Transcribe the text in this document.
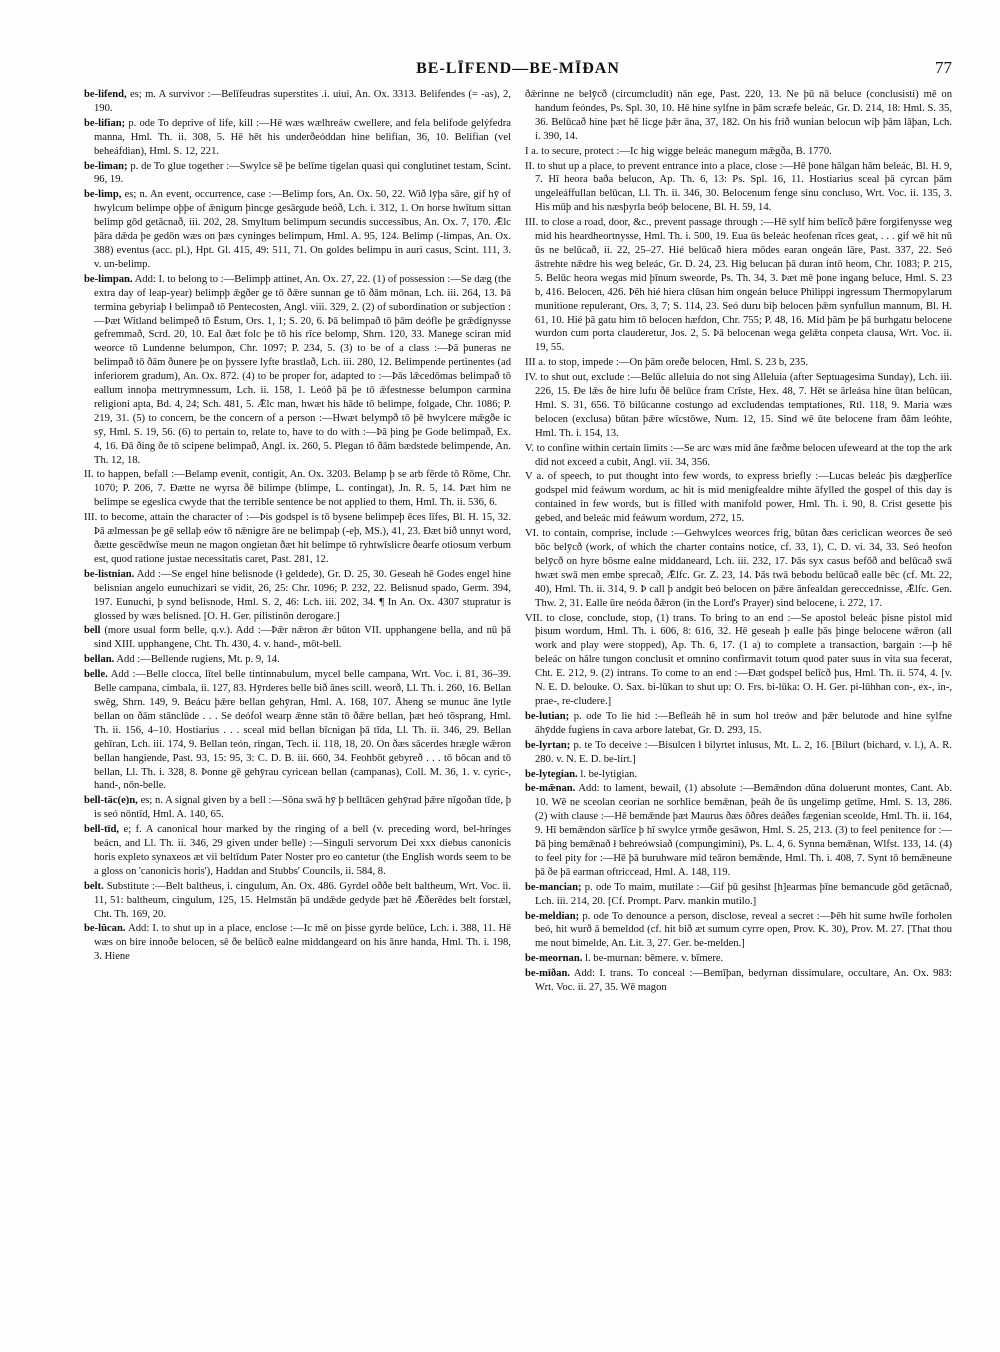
BE-LĪFEND—BE-MĪÐAN	77

be-lifend, es; m. A survivor :—Belīfeudras superstites .i. uiui, An. Ox. 3313. Belifendes (= -as), 2, 190.

be-lifian; p. ode To deprive of life, kill :—Hē wæs wælhreáw cwellere, and fela belifode gelýfedra manna, Hml. Th. ii. 308, 5. Hē hēt his underðeóddan hine belifian, 36, 10. Belifian (vel beheáfdian), Hml. S. 12, 221.

be-liman; p. de To glue together :—Swylce sē þe belīme tigelan quasi qui conglutinet testam, Scint. 96, 19.

be-limp, es; n. An event, occurrence, case :—Belimp fors, An. Ox. 50, 22. Wið lȳþa sāre, gif hȳ of hwylcum belimpe oþþe of ǣnigum þincge gesārgude beóð, Lch. i. 312, 1. On horse hwītum sittan belimp gōd getācnað, iii. 202, 28. Smyltum belimpum secundis successibus, An. Ox. 7, 170. Ǣlc þāra dǣda þe gedōn wæs on þæs cyninges belimpum, Hml. A. 95, 124. Belimp (-limpas, An. Ox. 388) eventus (acc. pl.), Hpt. Gl. 415, 49: 511, 71. On goldes belimpu in auri casus, Scint. 111, 3. v. un-belimp.

be-limpan. Add: I. to belong to :—Belimpþ attinet, An. Ox. 27, 22. (1) of possession :—Se dæg (the extra day of leap-year) belimpþ ǣgðer ge tō ðǣre sunnan ge tō ðām mōnan, Lch. iii. 264, 13. Þā termina gebyriaþ ł belimpað tō Pentecosten, Angl. viii. 329, 2. (2) of subordination or subjection :—Þæt Witland belimpeð tō Ēstum, Ors. 1, 1; S. 20, 6. Þā belimpað tō þām deófle þe grǣdignysse gefremmað, Scrd. 20, 10. Eal ðæt folc þe tō his rīce belomp, Shrn. 120, 33. Manege sciran mid weorce tō Lundenne belumpon, Chr. 1097; P. 234, 5. (3) to be of a class :—Þā þuneras ne belimpað tō ðām ðunere þe on þyssere lyfte brastlað, Lch. iii. 280, 12. Belimpende pertinentes (ad inferiorem gradum), An. Ox. 872. (4) to be proper for, adapted to :—Þās lǣcedōmas belimpað tō eallum innoþa mettrymnessum, Lch. ii. 158, 1. Leóð þā þe tō ǣfestnesse belumpon carmina religioni apta, Bd. 4, 24; Sch. 481, 5. Ǣlc man, hwæt his hāde tō belimpe, folgade, Chr. 1086; P. 219, 31. (5) to concern, be the concern of a person :—Hwæt belympð tō þē hwylcere mǣgðe ic sȳ, Hml. S. 19, 56. (6) to pertain to, relate to, have to do with :—Þā þing þe Gode belimpað, Ex. 4, 16. Ðā ðing ðe tō scipene belimpað, Angl. ix. 260, 5. Plegan tō ðām bædstede belimpende, An. Th. 12, 18.

II. to happen, befall :—Belamp evenit, contigit, An. Ox. 3203. Belamp þ se arb fērde tō Rōme, Chr. 1070; P. 206, 7. Ðætte ne wyrsa ðē bilimpe (blimpe, L. contingat), Jn. R. 5, 14. Þæt him ne belimpe se egeslica cwyde that the terrible sentence be not applied to them, Hml. Th. ii. 536, 6.

III. to become, attain the character of :—Þis godspel is tō bysene belimpeþ ēces līfes, Bl. H. 15, 32. Þā ælmessan þe gē sellaþ eów tō nǣnigre āre ne belimpaþ (-eþ, MS.), 41, 23. Ðæt bið unnyt word, ðætte gescēdwīse meun ne magon ongietan ðæt hit belimpe tō ryhtwīslicre ðearfe otiosum verbum est, quod ratione justae necessitatis caret, Past. 281, 12.

be-listnian. Add :—Se engel hine belisnode (ł geldede), Gr. D. 25, 30. Geseah hē Godes engel hine belisnian angelo eunuchizari se vidit, 26, 25: Chr. 1096; P. 232, 22. Belisnud spado, Germ. 394, 197. Eunuchi, þ synd belisnode, Hml. S. 2, 46: Lch. iii. 202, 34. ¶ In An. Ox. 4307 stupratur is glossed by wæs belisned. [O. H. Ger. pilistinōn derogare.]

bell (more usual form belle, q.v.). Add :—Þǣr nǣron ǣr būton VII. upphangene bella, and nū þā sind XIII. upphangene, Cht. Th. 430, 4. v. hand-, mōt-bell.

bellan. Add :—Bellende rugiens, Mt. p. 9, 14.

belle. Add :—Belle clocca, lītel belle tintinnabulum, mycel belle campana, Wrt. Voc. i. 81, 36–39. Belle campana, cimbala, ii. 127, 83. Hȳrderes belle bið ānes scill. weorð, Ll. Th. i. 260, 16. Bellan swēg, Shrn. 149, 9. Beácu þǣre bellan gehȳran, Hml. A. 168, 107. Āheng se munuc āne lytle bellan on ðām stānclūde . . . Se deófol wearp ǣnne stān tō ðǣre bellan, þæt heó tōsprang, Hml. Th. ii. 156, 4–10. Hostiarius . . . sceal mid bellan bīcnigan þā tīda, Ll. Th. ii. 346, 29. Bellan gehīran, Lch. iii. 174, 9. Bellan teón, ringan, Tech. ii. 118, 18, 20. On ðæs sācerdes hrægle wǣron bellan hangiende, Past. 93, 15: 95, 3: C. D. B. iii. 660, 34. Feohbōt gebyreð . . . tō bōcan and tō bellan, Ll. Th. i. 328, 8. Þonne gē gehȳrau cyricean bellan (campanas), Coll. M. 36, 1. v. cyric-, hand-, nōn-belle.

bell-tāc(e)n, es; n. A signal given by a bell :—Sōna swā hȳ þ belltācen gehȳrad þǣre nīgoðan tīde, þ is seó nōntīd, Hml. A. 140, 65.

bell-tīd, e; f. A canonical hour marked by the ringing of a bell (v. preceding word, bel-hringes beácn, and Ll. Th. ii. 346, 29 given under belle) :—Singuli servorum Dei xxx diebus canonicis horis expleto synaxeos æt vii beltīdum Pater Noster pro eo cantetur (the English words seem to be a gloss on 'canonicis horis'), Haddan and Stubbs' Councils, ii. 584, 8.

belt. Substitute :—Belt baltheus, i. cingulum, An. Ox. 486. Gyrdel oððe belt baltheum, Wrt. Voc. ii. 11, 51: baltheum, cingulum, 125, 15. Helmstān þā undǣde gedyde þæt hē Ǣðerēdes belt forstæl, Cht. Th. 169, 20.

be-lūcan. Add: I. to shut up in a place, enclose :—Ic mē on þisse gyrde belūce, Lch. i. 388, 11. Hē wæs on bire innoðe belocen, sē ðe belūcð ealne middangeard on his ānre handa, Hml. Th. i. 198, 3. Hiene

ðǣrinne ne belȳcð (circumcludit) nān ege, Past. 220, 13. Ne þū nā beluce (conclusisti) mē on handum feóndes, Ps. Spl. 30, 10. Hē hine sylfne in þām scræfe beleác, Gr. D. 214, 18: Hml. S. 35, 36. Belūcað hine þæt hē licge þǣr āna, 37, 182. On his frið wunian belocun wiþ þām lāþan, Lch. i. 390, 14.

I a. to secure, protect :—Ic hig wigge beleác manegum mǣgða, B. 1770.

II. to shut up a place, to prevent entrance into a place, close :—Hē þone hālgan hām beleác, Bl. H. 9, 7. Hī heora baða belucon, Ap. Th. 6, 13: Ps. Spl. 16, 11. Hostiarius sceal þā cyrcan þām ungeleáffullan belūcan, Ll. Th. ii. 346, 30. Belocenum fenge sinu concluso, Wrt. Voc. ii. 135, 3. His mūþ and his næsþyrla beóþ belocene, Bl. H. 59, 14.

III. to close a road, door, &c., prevent passage through :—Hē sylf him belīcð þǣre forgifenysse weg mid his heardheortnysse, Hml. Th. i. 500, 19. Eua ūs beleác heofenan rīces geat, . . . gif wē hit nū ūs ne belūcað, ii. 22, 25–27. Hié belūcað hiera mōdes earan ongeán lāre, Past. 337, 22. Seó āstrehte nǣdre his weg beleác, Gr. D. 24, 23. Hig belucan þā duran intō heom, Chr. 1083; P. 215, 5. Belūc heora wegas mid þīnum sweorde, Ps. Th. 34, 3. Þæt mē þone ingang beluce, Hml. S. 23 b, 416. Belocen, 426. Þēh hié hiera clūsan him ongeán beluce Philippi ingressum Thermopylarum munitione repulerant, Ors. 3, 7; S. 114, 23. Seó duru biþ belocen þǣm synfullun mannum, Bl. H. 61, 10. Hié þā gatu him tō belocen hæfdon, Chr. 755; P. 48, 16. Mid þām þe þā burhgatu belocene wurdon cum porta clauderetur, Jos. 2, 5. Þā belocenan wega gelǣta conpeta clausa, Wrt. Voc. ii. 19, 55.

III a. to stop, impede :—On þām oreðe belocen, Hml. S. 23 b, 235.

IV. to shut out, exclude :—Belūc alleluia do not sing Alleluia (after Septuagesima Sunday), Lch. iii. 226, 15. Ðe lǣs ðe hire lufu ðē belūce fram Crīste, Hex. 48, 7. Hēt se ārleása hine ūtan belūcan, Hml. S. 31, 656. Tō bilūcanne costungo ad excludendas temptationes, Rtl. 118, 9. Maria wæs belocen (exclusa) būtan þǣre wīcstōwe, Num. 12, 15. Sind wē ūte belocene fram ðām leóhte, Hml. Th. i. 154, 13.

V. to confine within certain limits :—Se arc wæs mid āne fæðme belocen ufeweard at the top the ark did not exceed a cubit, Angl. vii. 34, 356.

V a. of speech, to put thought into few words, to express briefly :—Lucas beleác þis dægþerlīce godspel mid feáwum wordum, ac hit is mid menigfealdre mihte āfylled the gospel of this day is contained in few words, but is filled with manifold power, Hml. Th. i. 90, 8. Crist gesette þis gebed, and beleác mid feáwum wordum, 272, 15.

VI. to contain, comprise, include :—Gehwylces weorces frig, būtan ðæs cericlican weorces ðe seó bōc belȳcð (work, of which the charter contains notice, cf. 33, 1), C. D. vi. 34, 33. Seó heofon belȳcð on hyre bōsme ealne middaneard, Lch. iii. 232, 17. Þās syx casus befōð and belūcað swā hwæt swā men embe sprecað, Ǣlfc. Gr. Z. 23, 14. Þās twā bebodu belūcað ealle bēc (cf. Mt. 22, 40), Hml. Th. ii. 314, 9. Þ call þ andgit beó belocen on þǣre ānfealdan gereccednisse, Ǣlfc. Gen. Thw. 2, 31. Ealle ūre neóda ðǣron (in the Lord's Prayer) sind belocene, i. 272, 17.

VII. to close, conclude, stop, (1) trans. To bring to an end :—Se apostol beleác þisne pistol mid þisum wordum, Hml. Th. i. 606, 8: 616, 32. Hē geseah þ ealle þās þinge belocene wǣron (all work and play were stopped), Ap. Th. 6, 17. (1 a) to complete a transaction, bargain :—þ hē beleác on hālre tungon conclusit et omnino confirmavit totum quod pater suus in vita sua fecerat, Cht. E. 212, 9. (2) intrans. To come to an end :—Ðæt godspel belīcð þus, Hml. Th. ii. 574, 4. [v. N. E. D. belouke. O. Sax. bi-lūkan to shut up: O. Frs. bi-lūka: O. H. Ger. pi-lūhhan con-, ex-, in-, prae-, re-cludere.]

be-lutian; p. ode To lie hid :—Befleáh hē in sum hol treów and þǣr belutode and hine sylfne āhȳdde fugiens in cava arbore latebat, Gr. D. 293, 15.

be-lyrtan; p. te To deceive :—Bisulcen ł bilyrtet inlusus, Mt. L. 2, 16. [Bilurt (bichard, v. l.), A. R. 280. v. N. E. D. be-lirt.]

be-lytegian. l. be-lytigian.

be-mǣnan. Add: to lament, bewail, (1) absolute :—Bemǣndon dūna doluerunt montes, Cant. Ab. 10. Wē ne sceolan ceorian ne sorhlice bemǣnan, þeáh ðe ūs ungelimp getīme, Hml. S. 13, 286. (2) with clause :—Hē bemǣnde þæt Maurus ðæs ōðres deáðes fægenian sceolde, Hml. Th. ii. 164, 9. Hī bemǣndon sārlīce þ hī swylce yrmðe gesāwon, Hml. S. 25, 213. (3) to feel penitence for :—Þā þing bemǣnað ł behreówsiað (compungimini), Ps. L. 4, 6. Synna bemǣnan, Wlfst. 133, 14. (4) to feel pity for :—Hē þā buruhware mid teāron bemǣnde, Hml. Th. i. 408, 7. Synt tō bemǣneune þā ðe þā earman oftriccead, Hml. A. 148, 119.

be-mancian; p. ode To maim, mutilate :—Gif þū gesihst [h]earmas þīne bemancude gōd getācnað, Lch. iii. 214, 20. [Cf. Prompt. Parv. mankin mutilo.]

be-meldian; p. ode To denounce a person, disclose, reveal a secret :—Þēh hit sume hwīle forholen beó, hit wurð ā bemeldod (cf. hit bið æt sumum cyrre open, Prov. K. 30), Prov. M. 27. [That thou me nout bimelde, An. Lit. 3, 27. Ger. be-melden.]

be-meornan. l. be-murnan: bēmere. v. bīmere.

be-mīðan. Add: I. trans. To conceal :—Bemīþan, bedyrnan dissimulare, occultare, An. Ox. 983: Wrt. Voc. ii. 27, 35. Wē magon
